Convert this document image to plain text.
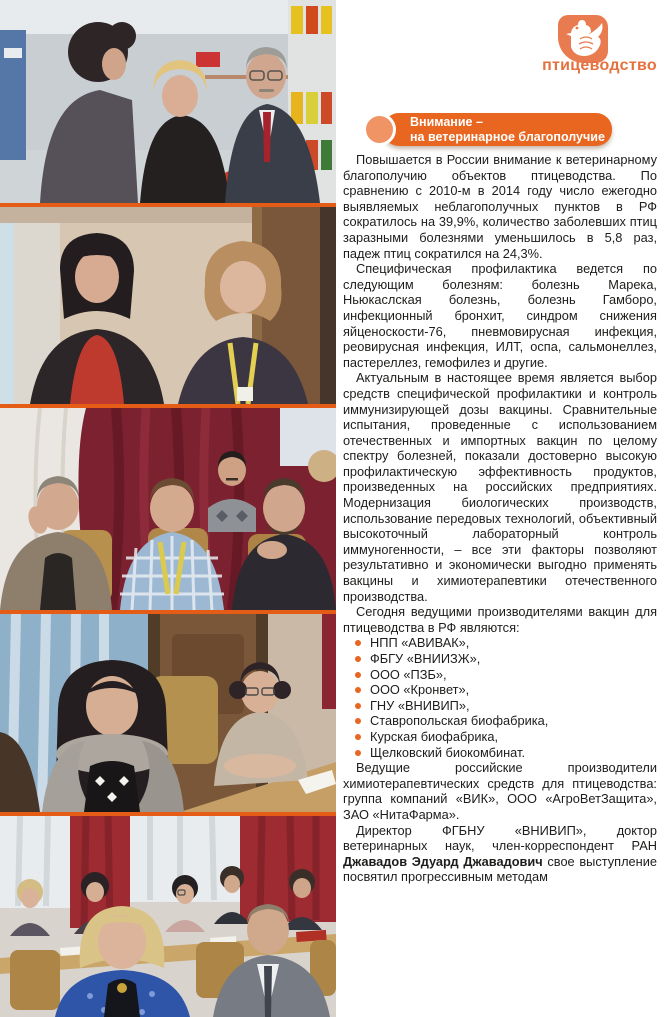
птицеводство
Внимание –
на ветеринарное благополучие

Повышается в России внимание к ветеринарному благополучию объектов птицеводства. По сравнению с 2010-м в 2014 году число ежегодно выявляемых неблагополучных пунктов в РФ сократилось на 39,9%, количество заболевших птиц заразными болезнями уменьшилось в 5,8 раз, падеж птиц сократился на 24,3%.

Специфическая профилактика ведется по следующим болезням: болезнь Марека, Ньюкаслская болезнь, болезнь Гамборо, инфекционный бронхит, синдром снижения яйценоскости-76, пневмовирусная инфекция, реовирусная инфекция, ИЛТ, оспа, сальмонеллез, пастереллез, гемофилез и другие.

Актуальным в настоящее время является выбор средств специфической профилактики и контроль иммунизирующей дозы вакцины. Сравнительные испытания, проведенные с использованием отечественных и импортных вакцин по целому спектру болезней, показали достоверно высокую профилактическую эффективность продуктов, произведенных на российских предприятиях. Модернизация биологических производств, использование передовых технологий, объективный высокоточный лабораторный контроль иммуногенности, – все эти факторы позволяют результативно и экономически выгодно применять вакцины и химиотерапевтики отечественного производства.

Сегодня ведущими производителями вакцин для птицеводства в РФ являются:

НПП «АВИВАК»,
ФБГУ «ВНИИЗЖ»,
ООО «ПЗБ»,
ООО «Кронвет»,
ГНУ «ВНИВИП»,
Ставропольская биофабрика,
Курская биофабрика,
Щелковский биокомбинат.

Ведущие российские производители химиотерапевтических средств для птицеводства: группа компаний «ВИК», ООО «АгроВетЗащита», ЗАО «НитаФарма».

Директор ФГБНУ «ВНИВИП», доктор ветеринарных наук, член-корреспондент РАН Джавадов Эдуард Джавадович свое выступление посвятил прогрессивным методам
